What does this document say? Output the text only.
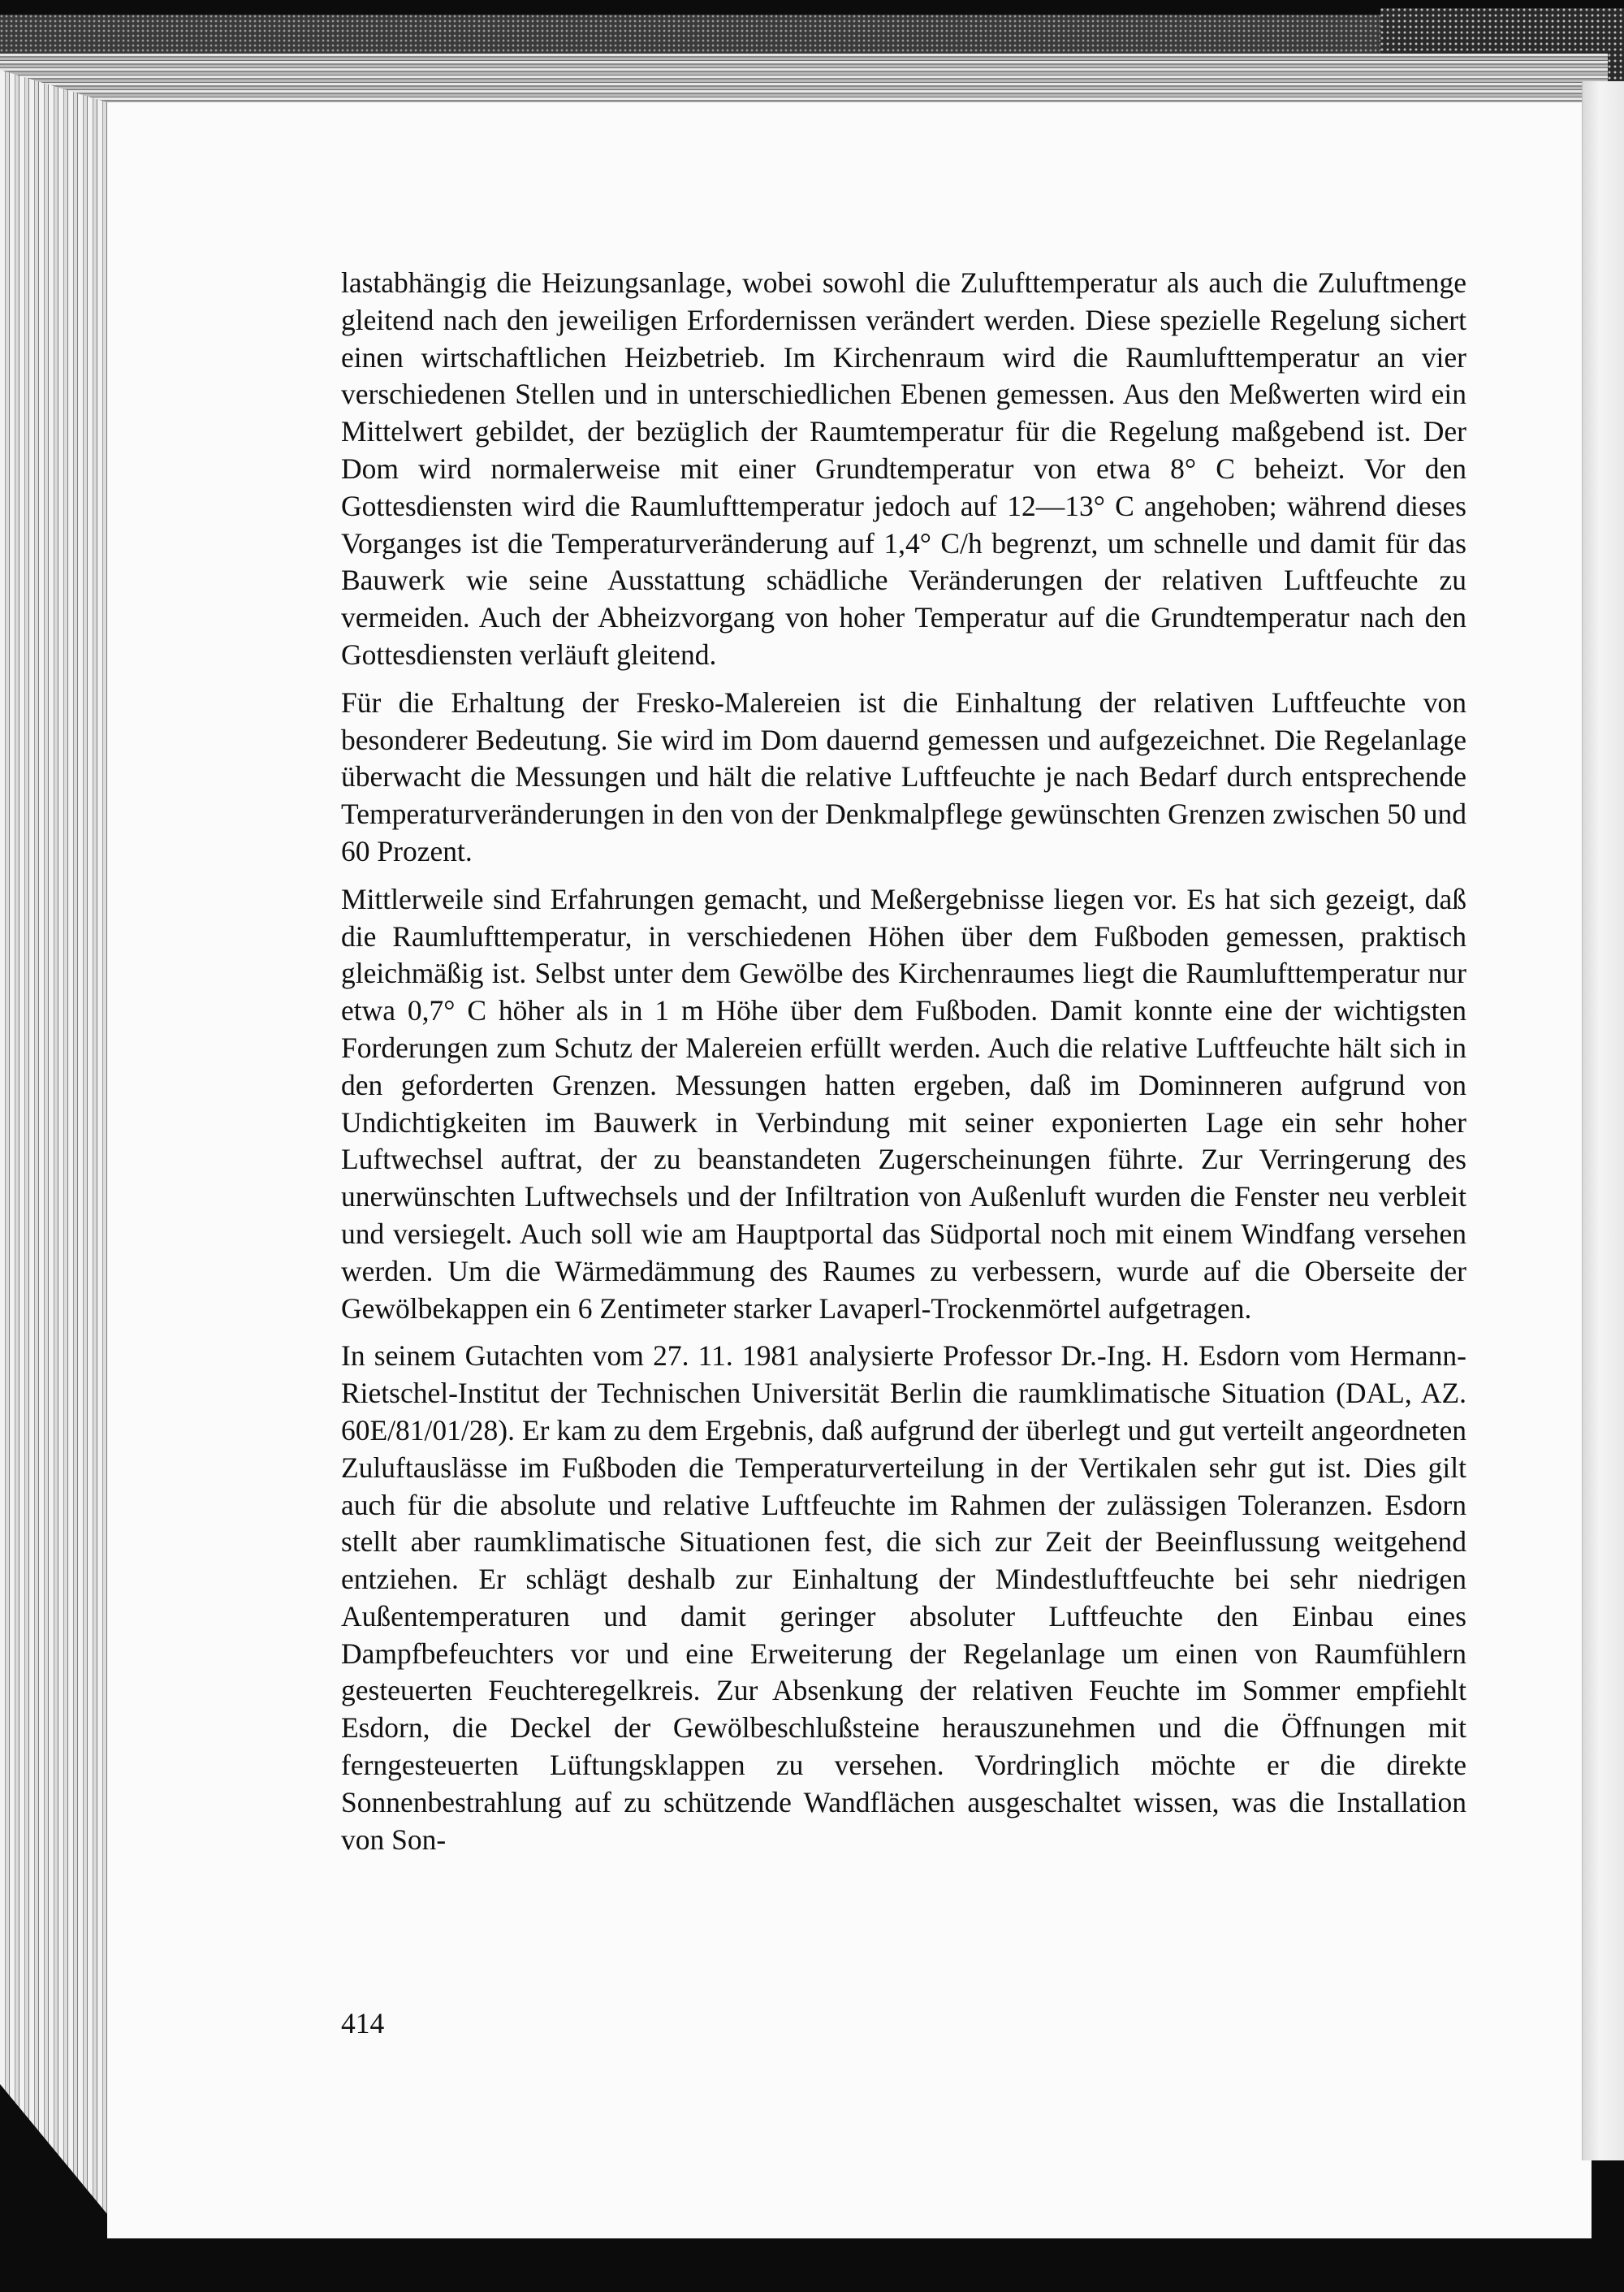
lastabhängig die Heizungsanlage, wobei sowohl die Zulufttemperatur als auch die Zuluftmenge gleitend nach den jeweiligen Erfordernissen verändert werden. Diese spezielle Regelung sichert einen wirtschaftlichen Heizbetrieb. Im Kirchenraum wird die Raumlufttemperatur an vier verschiedenen Stellen und in unterschiedlichen Ebenen gemessen. Aus den Meßwerten wird ein Mittelwert gebildet, der bezüglich der Raumtemperatur für die Regelung maßgebend ist. Der Dom wird normalerweise mit einer Grundtemperatur von etwa 8° C beheizt. Vor den Gottesdiensten wird die Raumlufttemperatur jedoch auf 12—13° C angehoben; während dieses Vorganges ist die Temperaturveränderung auf 1,4° C/h begrenzt, um schnelle und damit für das Bauwerk wie seine Ausstattung schädliche Veränderungen der relativen Luftfeuchte zu vermeiden. Auch der Abheizvorgang von hoher Temperatur auf die Grundtemperatur nach den Gottesdiensten verläuft gleitend.

Für die Erhaltung der Fresko-Malereien ist die Einhaltung der relativen Luftfeuchte von besonderer Bedeutung. Sie wird im Dom dauernd gemessen und aufgezeichnet. Die Regelanlage überwacht die Messungen und hält die relative Luftfeuchte je nach Bedarf durch entsprechende Temperaturveränderungen in den von der Denkmalpflege gewünschten Grenzen zwischen 50 und 60 Prozent.

Mittlerweile sind Erfahrungen gemacht, und Meßergebnisse liegen vor. Es hat sich gezeigt, daß die Raumlufttemperatur, in verschiedenen Höhen über dem Fußboden gemessen, praktisch gleichmäßig ist. Selbst unter dem Gewölbe des Kirchenraumes liegt die Raumlufttemperatur nur etwa 0,7° C höher als in 1 m Höhe über dem Fußboden. Damit konnte eine der wichtigsten Forderungen zum Schutz der Malereien erfüllt werden. Auch die relative Luftfeuchte hält sich in den geforderten Grenzen. Messungen hatten ergeben, daß im Dominneren aufgrund von Undichtigkeiten im Bauwerk in Verbindung mit seiner exponierten Lage ein sehr hoher Luftwechsel auftrat, der zu beanstandeten Zugerscheinungen führte. Zur Verringerung des unerwünschten Luftwechsels und der Infiltration von Außenluft wurden die Fenster neu verbleit und versiegelt. Auch soll wie am Hauptportal das Südportal noch mit einem Windfang versehen werden. Um die Wärmedämmung des Raumes zu verbessern, wurde auf die Oberseite der Gewölbekappen ein 6 Zentimeter starker Lavaperl-Trockenmörtel aufgetragen.

In seinem Gutachten vom 27. 11. 1981 analysierte Professor Dr.-Ing. H. Esdorn vom Hermann-Rietschel-Institut der Technischen Universität Berlin die raumklimatische Situation (DAL, AZ. 60E/81/01/28). Er kam zu dem Ergebnis, daß aufgrund der überlegt und gut verteilt angeordneten Zuluftauslässe im Fußboden die Temperaturverteilung in der Vertikalen sehr gut ist. Dies gilt auch für die absolute und relative Luftfeuchte im Rahmen der zulässigen Toleranzen. Esdorn stellt aber raumklimatische Situationen fest, die sich zur Zeit der Beeinflussung weitgehend entziehen. Er schlägt deshalb zur Einhaltung der Mindestluftfeuchte bei sehr niedrigen Außentemperaturen und damit geringer absoluter Luftfeuchte den Einbau eines Dampfbefeuchters vor und eine Erweiterung der Regelanlage um einen von Raumfühlern gesteuerten Feuchteregelkreis. Zur Absenkung der relativen Feuchte im Sommer empfiehlt Esdorn, die Deckel der Gewölbeschlußsteine herauszunehmen und die Öffnungen mit ferngesteuerten Lüftungsklappen zu versehen. Vordringlich möchte er die direkte Sonnenbestrahlung auf zu schützende Wandflächen ausgeschaltet wissen, was die Installation von Son-

414
